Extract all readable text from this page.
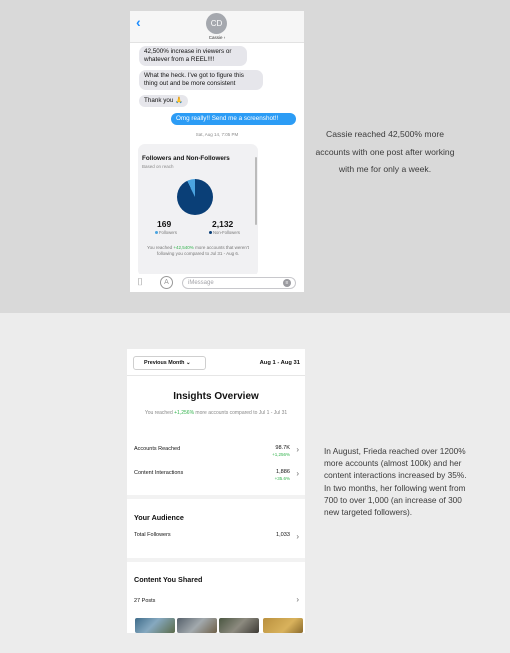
‹	CD
Cassie ›
42,500% increase in viewers or whatever from a REEL!!!!
What the heck. I've got to figure this thing out and be more consistent
Thank you 🙏
Omg really!! Send me a screenshot!!
Sat, Aug 14, 7:05 PM
Followers and Non-Followers
Based on reach
169
Followers
2,132
Non-Followers
You reached +42,540% more accounts that weren't following you compared to Jul 31 - Aug 6.
⌷	A	iMessage	≡
Cassie reached 42,500% more accounts with one post after working with me for only a week.
Previous Month ⌄	Aug 1 - Aug 31
Insights Overview
You reached +1,256% more accounts compared to Jul 1 - Jul 31
Accounts Reached	98.7K
+1,256%
›
Content Interactions	1,886
+35.6%
›
Your Audience
Total Followers	1,033 ›
Content You Shared
27 Posts	›
In August, Frieda reached over 1200% more accounts (almost 100k) and her content interactions increased by 35%. In two months, her following went from 700 to over 1,000 (an increase of 300 new targeted followers).
